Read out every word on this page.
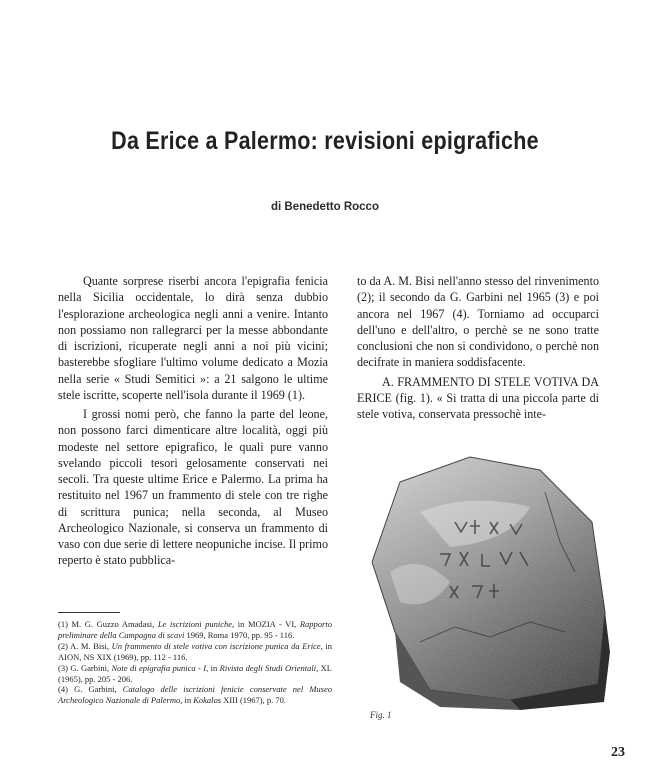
Da Erice a Palermo: revisioni epigrafiche
di Benedetto Rocco

Quante sorprese riserbi ancora l'epigrafia fenicia nella Sicilia occidentale, lo dirà senza dubbio l'esplorazione archeologica negli anni a venire. Intanto non possiamo non rallegrarci per la messe abbondante di iscrizioni, ricuperate negli anni a noi più vicini; basterebbe sfogliare l'ultimo volume dedicato a Mozia nella serie « Studi Semitici »: a 21 salgono le ultime stele iscritte, scoperte nell'isola durante il 1969 (1).

I grossi nomi però, che fanno la parte del leone, non possono farci dimenticare altre località, oggi più modeste nel settore epigrafico, le quali pure vanno svelando piccoli tesori gelosamente conservati nei secoli. Tra queste ultime Erice e Palermo. La prima ha restituito nel 1967 un frammento di stele con tre righe di scrittura punica; nella seconda, al Museo Archeologico Nazionale, si conserva un frammento di vaso con due serie di lettere neopuniche incise. Il primo reperto è stato pubblica-

to da A. M. Bisi nell'anno stesso del rinvenimento (2); il secondo da G. Garbini nel 1965 (3) e poi ancora nel 1967 (4). Torniamo ad occuparci dell'uno e dell'altro, o perchè se ne sono tratte conclusioni che non si condividono, o perchè non decifrate in maniera soddisfacente.

A. FRAMMENTO DI STELE VOTIVA DA ERICE (fig. 1). « Si tratta di una piccola parte di stele votiva, conservata pressochè inte-

(1) M. G. Guzzo Amadasi, Le iscrizioni puniche, in MOZIA - VI, Rapporto preliminare della Campagna di scavi 1969, Roma 1970, pp. 95 - 116.

(2) A. M. Bisi, Un frammento di stele votiva con iscrizione punica da Erice, in AION, NS XIX (1969), pp. 112 - 116.

(3) G. Garbini, Note di epigrafia punica - I, in Rivista degli Studi Orientali, XL (1965), pp. 205 - 206.

(4) G. Garbini, Catalogo delle iscrizioni fenicie conservate nel Museo Archeologico Nazionale di Palermo, in Kokalos XIII (1967), p. 70.

Fig. 1
23
